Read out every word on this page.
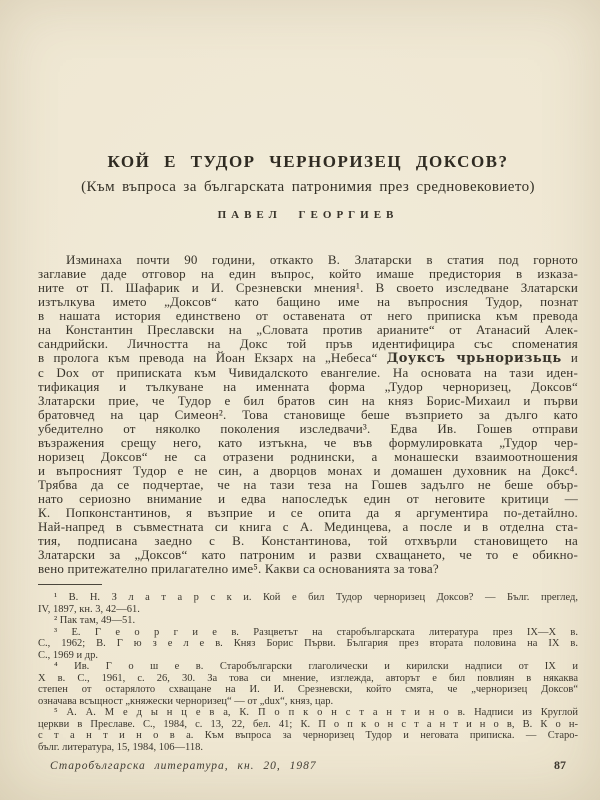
КОЙ Е ТУДОР ЧЕРНОРИЗЕЦ ДОКСОВ?
(Към въпроса за българската патронимия през средновековието)
ПАВЕЛ ГЕОРГИЕВ
Изминаха почти 90 години, откакто В. Златарски в статия под горното
заглавие даде отговор на един въпрос, който имаше предистория в изказа-
ните от П. Шафарик и И. Срезневски мнения¹. В своето изследване Златарски
изтълкува името „Доксов“ като бащино име на въпросния Тудор, познат
в нашата история единствено от оставената от него приписка към превода
на Константин Преславски на „Словата против арианите“ от Атанасий Алек-
сандрийски. Личността на Докс той пръв идентифицира със споменатия
в пролога към превода на Йоан Екзарх на „Небеса“ Доуксъ чрьноризьць и
с Dox от приписката към Чивидалското евангелие. На основата на тази иден-
тификация и тълкуване на именната форма „Тудор черноризец, Доксов“
Златарски прие, че Тудор е бил братов син на княз Борис-Михаил и първи
братовчед на цар Симеон². Това становище беше възприето за дълго като
убедително от няколко поколения изследвачи³. Едва Ив. Гошев отправи
възражения срещу него, като изтъкна, че във формулировката „Тудор чер-
норизец Доксов“ не са отразени роднински, а монашески взаимоотношения
и въпросният Тудор е не син, а дворцов монах и домашен духовник на Докс⁴.
Трябва да се подчертае, че на тази теза на Гошев задълго не беше обър-
нато сериозно внимание и едва напоследък един от неговите критици —
К. Попконстантинов, я възприе и се опита да я аргументира по-детайлно.
Най-напред в съвместната си книга с А. Мединцева, а после и в отделна ста-
тия, подписана заедно с В. Константинова, той отхвърли становището на
Златарски за „Доксов“ като патроним и разви схващането, че то е обикно-
вено притежателно прилагателно име⁵. Какви са основанията за това?
¹ В. Н. З л а т а р с к и. Кой е бил Тудор черноризец Доксов? — Бълг. преглед,
IV, 1897, кн. 3, 42—61.
² Пак там, 49—51.
³ Е. Г е о р г и е в. Разцветът на старобългарската литература през IX—X в.
С., 1962; В. Г ю з е л е в. Княз Борис Първи. България през втората половина на IX в.
С., 1969 и др.
⁴ Ив. Г о ш е в. Старобългарски глаголически и кирилски надписи от IX и
X в. С., 1961, с. 26, 30. За това си мнение, изглежда, авторът е бил повлиян в някаква
степен от остарялото схващане на И. И. Срезневски, който смята, че „черноризец Доксов“
означава всъщност „княжески черноризец“ — от „dux“, княз, цар.
⁵ А. А. М е д ы н ц е в а, К. П о п к о н с т а н т и н о в. Надписи из Круглой
церкви в Преславе. С., 1984, с. 13, 22, бел. 41; К. П о п к о н с т а н т и н о в, В. К о н-
с т а н т и н о в а. Към въпроса за черноризец Тудор и неговата приписка. — Старо-
бълг. литература, 15, 1984, 106—118.
Старобългарска литература, кн. 20, 1987	87
